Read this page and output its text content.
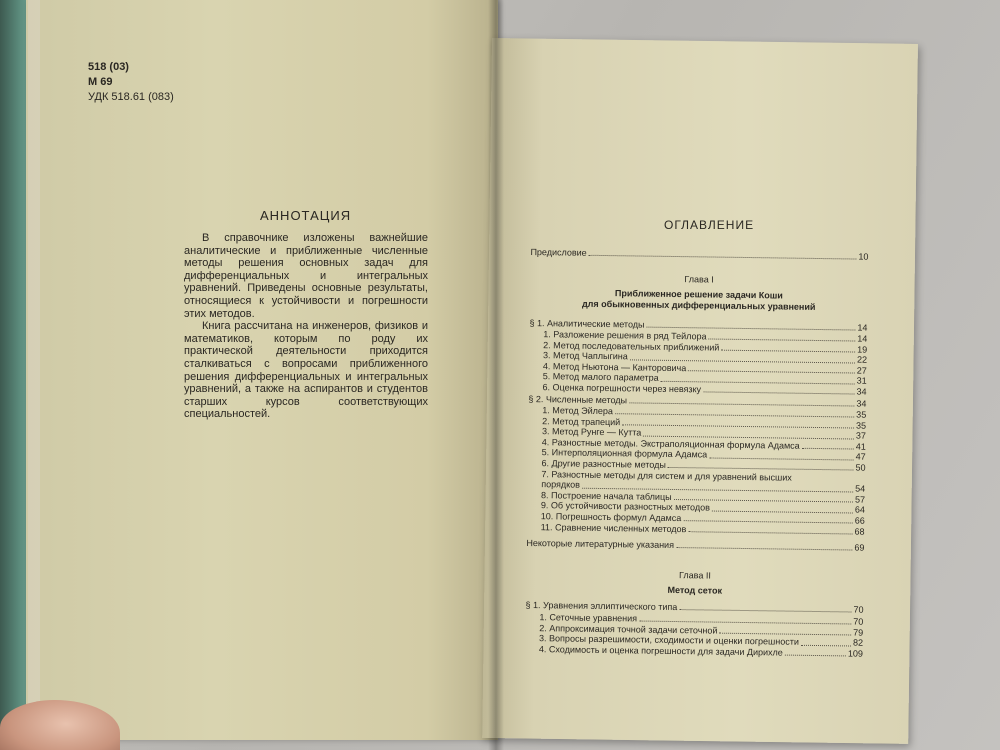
518 (03)
М 69
УДК 518.61 (083)
АННОТАЦИЯ

В справочнике изложены важнейшие аналитические и приближенные численные методы решения основных задач для дифференциальных и интегральных уравнений. Приведены основные результаты, относящиеся к устойчивости и погрешности этих методов.

Книга рассчитана на инженеров, физиков и математиков, которым по роду их практической деятельности приходится сталкиваться с вопросами приближенного решения дифференциальных и интегральных уравнений, а также на аспирантов и студентов старших курсов соответствующих специальностей.

ОГЛАВЛЕНИЕ
Предисловие	10
Глава I
Приближенное решение задачи Коши
для обыкновенных дифференциальных уравнений
§ 1. Аналитические методы	14
1. Разложение решения в ряд Тейлора	14
2. Метод последовательных приближений	19
3. Метод Чаплыгина	22
4. Метод Ньютона — Канторовича	27
5. Метод малого параметра	31
6. Оценка погрешности через невязку	34
§ 2. Численные методы	34
1. Метод Эйлера	35
2. Метод трапеций	35
3. Метод Рунге — Кутта	37
4. Разностные методы. Экстраполяционная формула Адамса	41
5. Интерполяционная формула Адамса	47
6. Другие разностные методы	50
7. Разностные методы для систем и для уравнений высших
порядков	54
8. Построение начала таблицы	57
9. Об устойчивости разностных методов	64
10. Погрешность формул Адамса	66
11. Сравнение численных методов	68
Некоторые литературные указания	69
Глава II
Метод сеток
§ 1. Уравнения эллиптического типа	70
1. Сеточные уравнения	70
2. Аппроксимация точной задачи сеточной	79
3. Вопросы разрешимости, сходимости и оценки погрешности	82
4. Сходимость и оценка погрешности для задачи Дирихле	109
